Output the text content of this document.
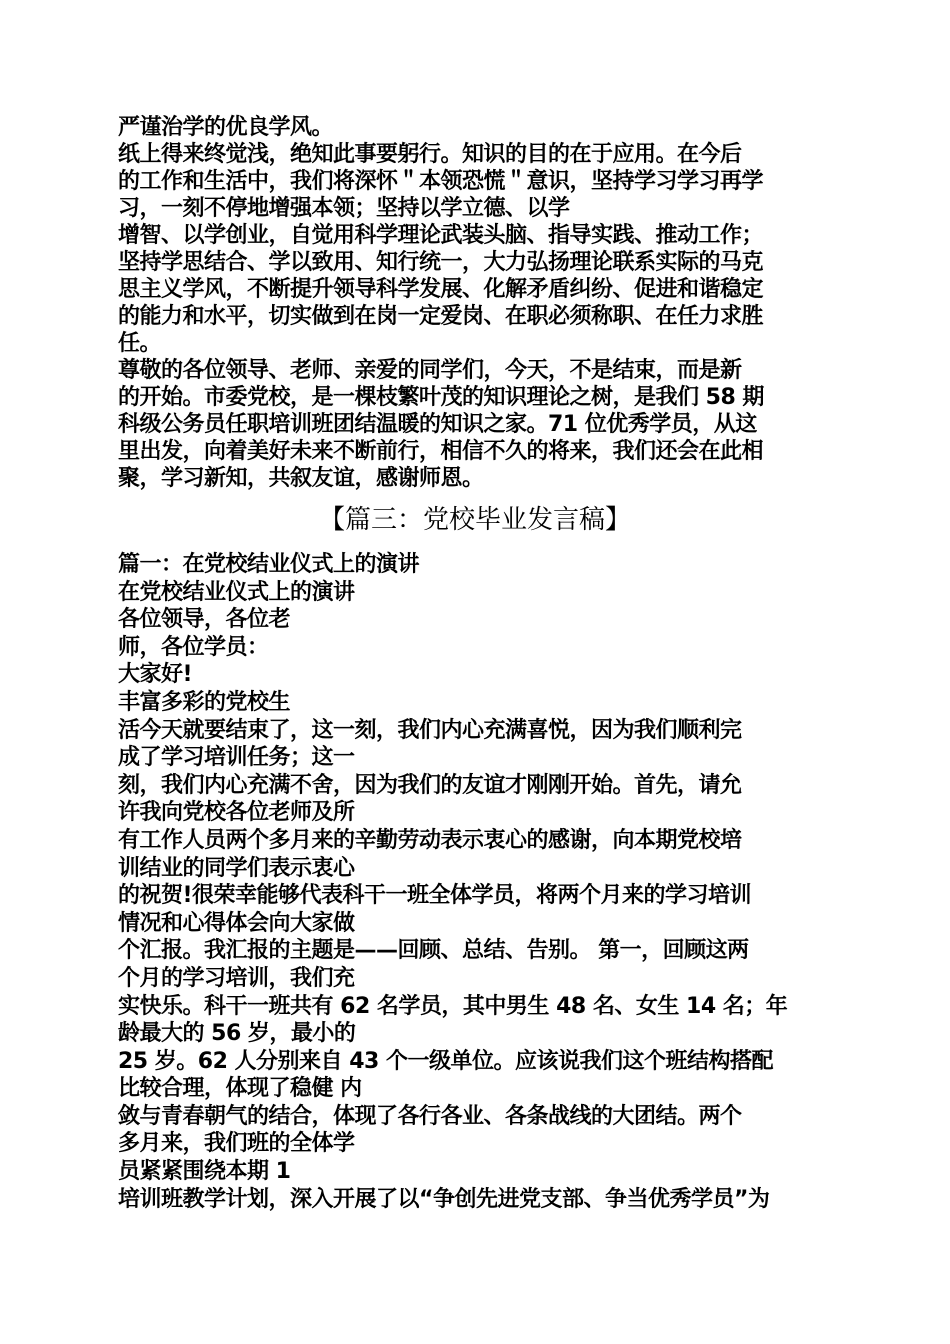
严谨治学的优良学风。
纸上得来终觉浅，绝知此事要躬行。知识的目的在于应用。在今后
的工作和生活中，我们将深怀＂本领恐慌＂意识，坚持学习学习再学
习，一刻不停地增强本领；坚持以学立德、以学
增智、以学创业，自觉用科学理论武装头脑、指导实践、推动工作；
坚持学思结合、学以致用、知行统一，大力弘扬理论联系实际的马克
思主义学风，不断提升领导科学发展、化解矛盾纠纷、促进和谐稳定
的能力和水平，切实做到在岗一定爱岗、在职必须称职、在任力求胜
任。
尊敬的各位领导、老师、亲爱的同学们，今天，不是结束，而是新
的开始。市委党校，是一棵枝繁叶茂的知识理论之树，是我们 58 期
科级公务员任职培训班团结温暖的知识之家。71 位优秀学员，从这
里出发，向着美好未来不断前行，相信不久的将来，我们还会在此相
聚，学习新知，共叙友谊，感谢师恩。
【篇三：党校毕业发言稿】
篇一：在党校结业仪式上的演讲
在党校结业仪式上的演讲
各位领导，各位老
师，各位学员：
大家好!
丰富多彩的党校生
活今天就要结束了，这一刻，我们内心充满喜悦，因为我们顺利完
成了学习培训任务；这一
刻，我们内心充满不舍，因为我们的友谊才刚刚开始。首先，请允
许我向党校各位老师及所
有工作人员两个多月来的辛勤劳动表示衷心的感谢，向本期党校培
训结业的同学们表示衷心
的祝贺!很荣幸能够代表科干一班全体学员，将两个月来的学习培训
情况和心得体会向大家做
个汇报。我汇报的主题是——回顾、总结、告别。 第一，回顾这两
个月的学习培训，我们充
实快乐。科干一班共有 62 名学员，其中男生 48 名、女生 14 名；年
龄最大的 56 岁，最小的
25 岁。62 人分别来自 43 个一级单位。应该说我们这个班结构搭配
比较合理，体现了稳健 内
敛与青春朝气的结合，体现了各行各业、各条战线的大团结。两个
多月来，我们班的全体学
员紧紧围绕本期 1
培训班教学计划，深入开展了以“争创先进党支部、争当优秀学员”为
